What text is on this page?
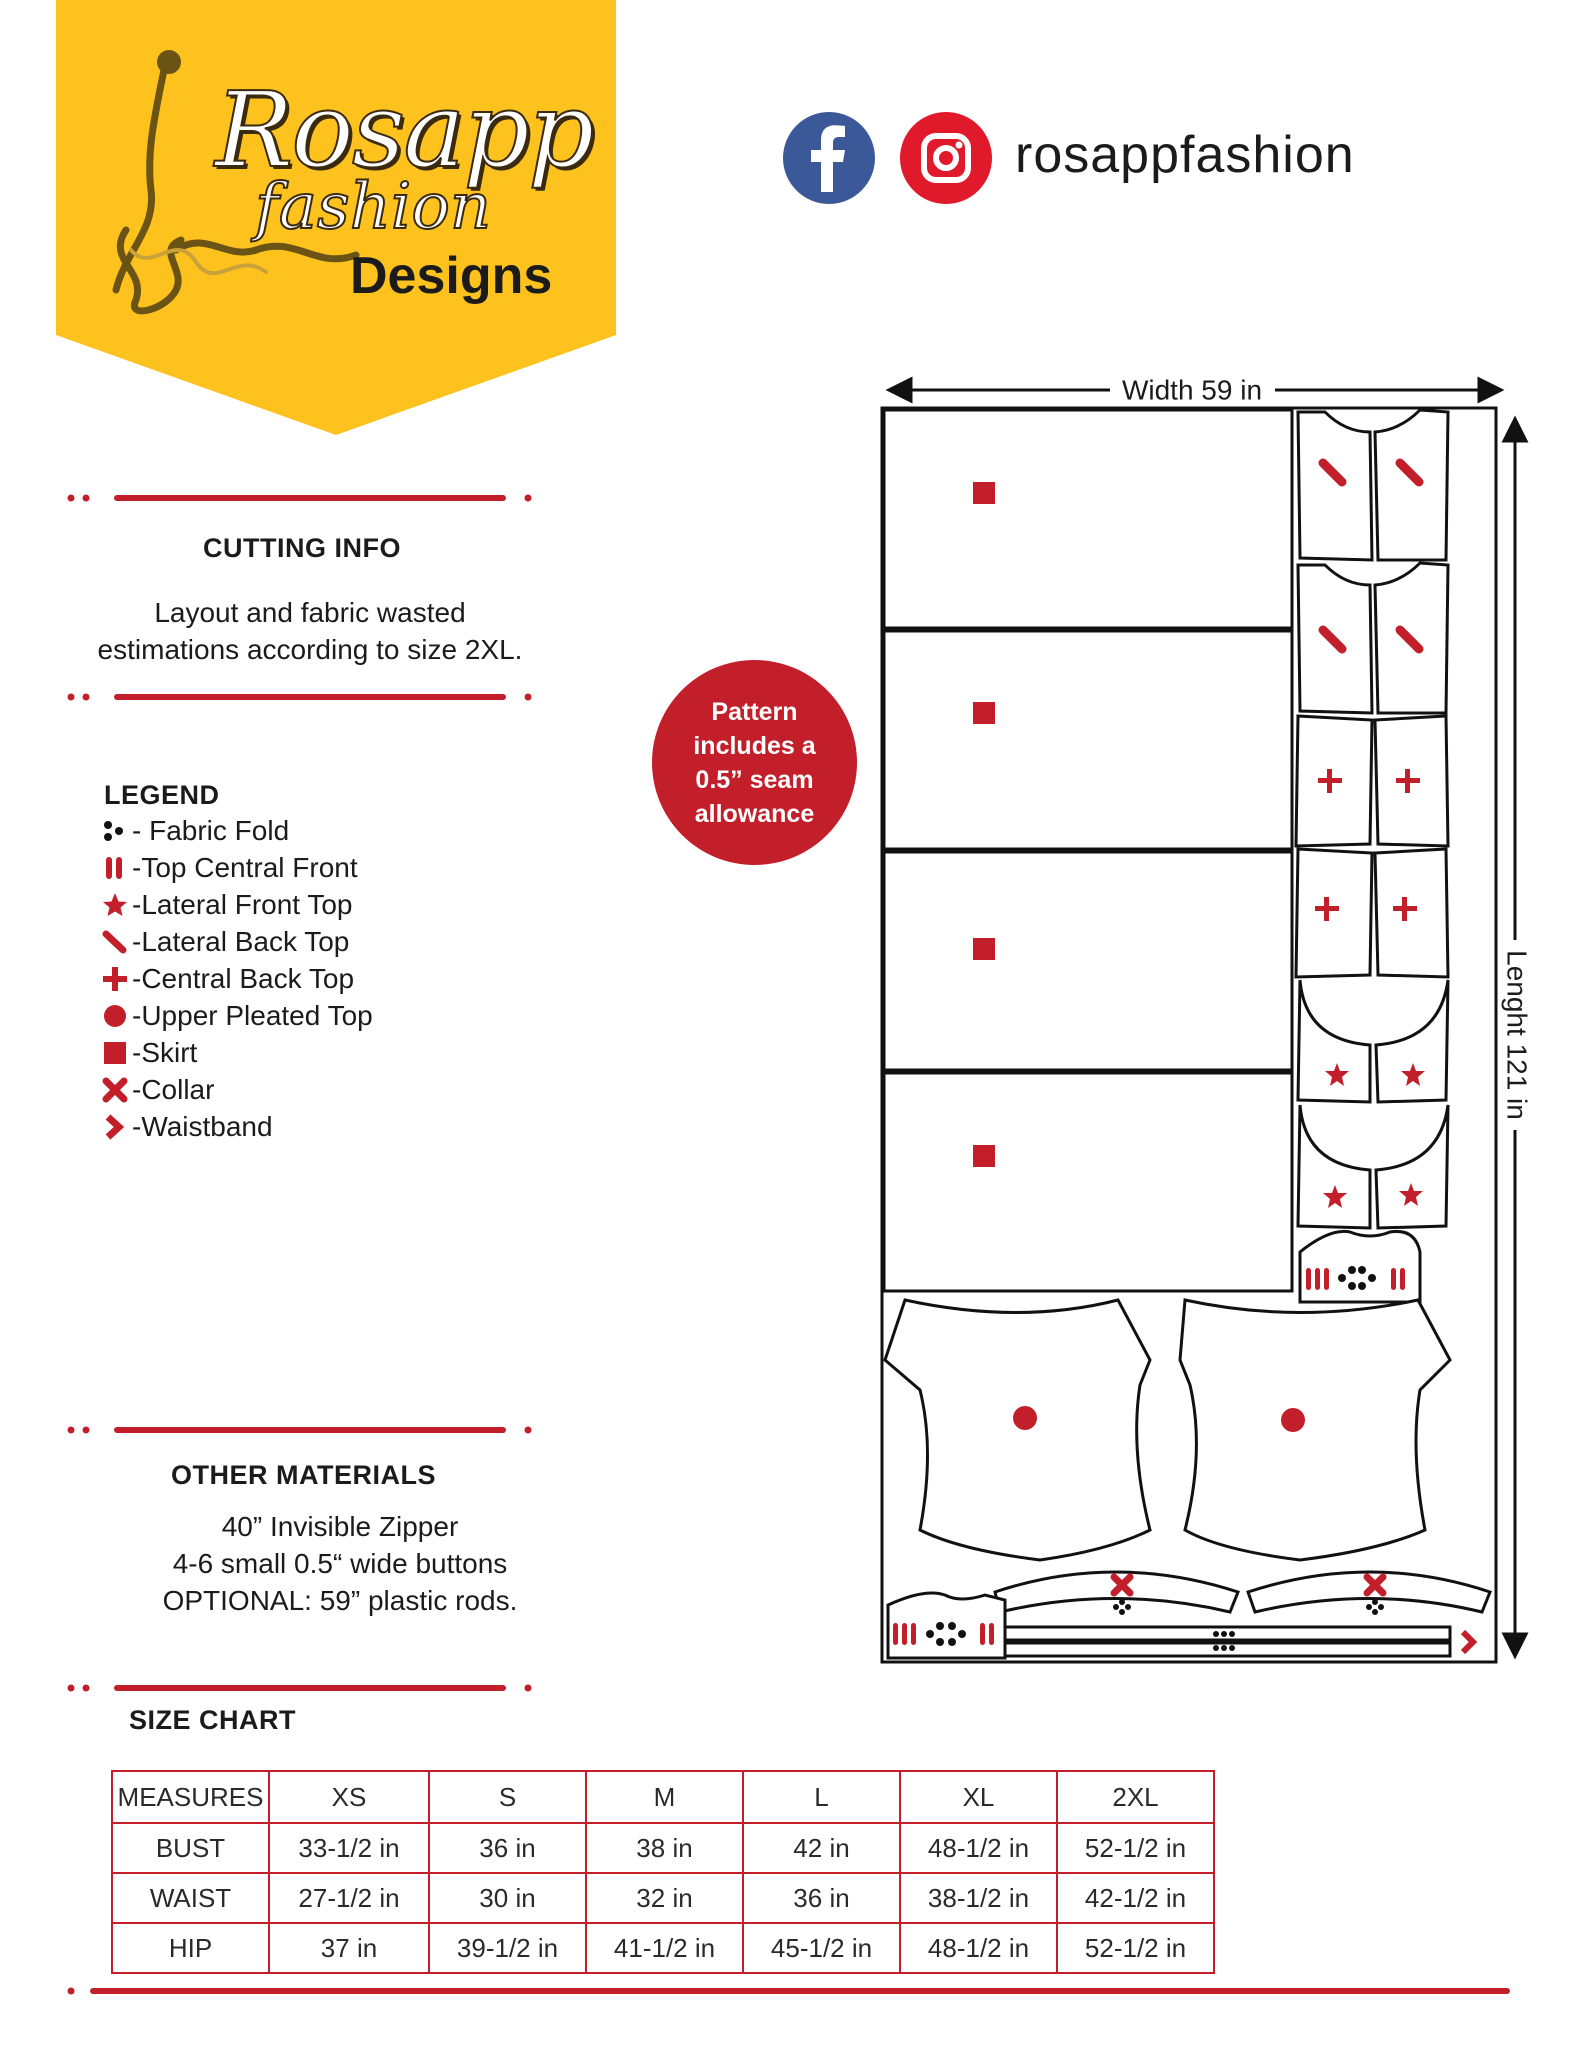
Rosapp
fashion
Designs
rosappfashion
CUTTING INFO
Layout and fabric wasted
estimations according to size 2XL.
LEGEND
- Fabric Fold
-Top Central Front
-Lateral Front Top
-Lateral Back Top
-Central Back Top
-Upper Pleated Top
-Skirt
-Collar
-Waistband
Pattern
includes a
0.5” seam
allowance
Width 59 in
Lenght 121 in
OTHER MATERIALS
40” Invisible Zipper
4-6 small 0.5“ wide buttons
OPTIONAL: 59” plastic rods.
SIZE CHART
MEASURES	XS	S	M	L	XL	2XL
BUST	33-1/2 in	36 in	38 in	42 in	48-1/2 in	52-1/2 in
WAIST	27-1/2 in	30 in	32 in	36 in	38-1/2 in	42-1/2 in
HIP	37 in	39-1/2 in	41-1/2 in	45-1/2 in	48-1/2 in	52-1/2 in
